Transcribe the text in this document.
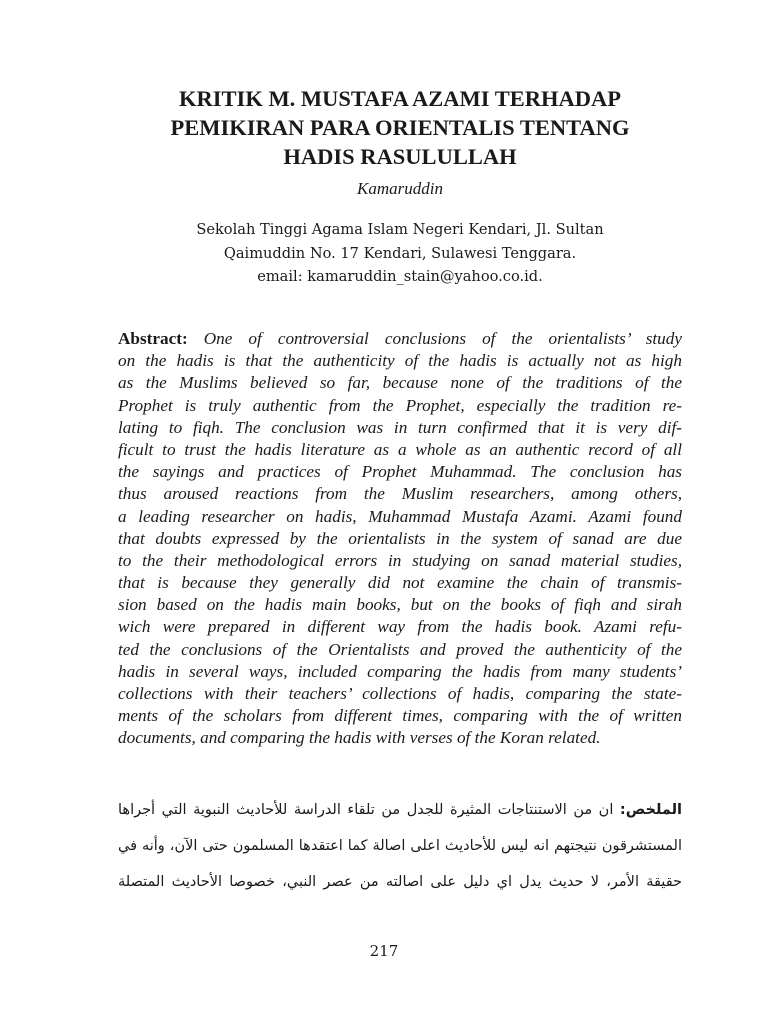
KRITIK M. MUSTAFA AZAMI TERHADAP
PEMIKIRAN PARA ORIENTALIS TENTANG
HADIS RASULULLAH
Kamaruddin
Sekolah Tinggi Agama Islam Negeri Kendari, Jl. Sultan
Qaimuddin No. 17 Kendari, Sulawesi Tenggara.
email: kamaruddin_stain@yahoo.co.id.
Abstract: One of controversial conclusions of the orientalists’ study
on the hadis is that the authenticity of the hadis is actually not as high
as the Muslims believed so far, because none of the traditions of the
Prophet is truly authentic from the Prophet, especially the tradition re-
lating to fiqh. The conclusion was in turn confirmed that it is very dif-
ficult to trust the hadis literature as a whole as an authentic record of all
the sayings and practices of Prophet Muhammad. The conclusion has
thus aroused reactions from the Muslim researchers, among others,
a leading researcher on hadis, Muhammad Mustafa Azami. Azami found
that doubts expressed by the orientalists in the system of sanad are due
to the their methodological errors in studying on sanad material studies,
that is because they generally did not examine the chain of transmis-
sion based on the hadis main books, but on the books of fiqh and sirah
wich were prepared in different way from the hadis book. Azami refu-
ted the conclusions of the Orientalists and proved the authenticity of the
hadis in several ways, included comparing the hadis from many students’
collections with their teachers’ collections of hadis, comparing the state-
ments of the scholars from different times, comparing with the of written
documents, and comparing the hadis with verses of the Koran related.
الملخص: ان من الاستنتاجات المثيرة للجدل من تلقاء الدراسة للأحاديث النبوية التي أجراها
المستشرقون نتيجتهم انه ليس للأحاديث اعلى اصالة كما اعتقدها المسلمون حتى الآن، وأنه في
حقيقة الأمر، لا حديث يدل اي دليل على اصالته من عصر النبي، خصوصا الأحاديث المتصلة
217
